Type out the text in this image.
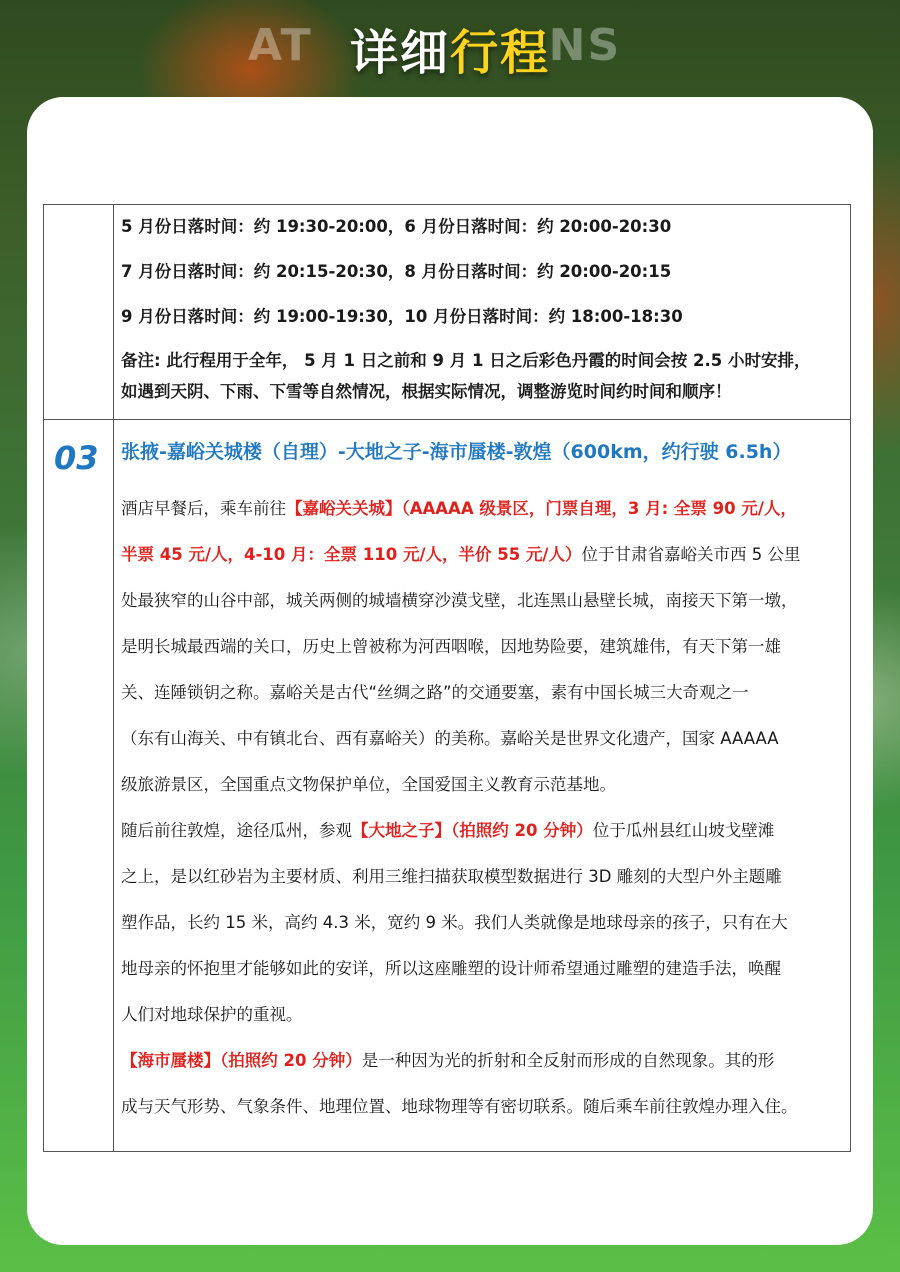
AT	NS
详细行程
5 月份日落时间：约 19:30-20:00，6 月份日落时间：约 20:00-20:30
7 月份日落时间：约 20:15-20:30，8 月份日落时间：约 20:00-20:15
9 月份日落时间：约 19:00-19:30，10 月份日落时间：约 18:00-18:30
备注: 此行程用于全年， 5 月 1 日之前和 9 月 1 日之后彩色丹霞的时间会按 2.5 小时安排，
如遇到天阴、下雨、下雪等自然情况，根据实际情况，调整游览时间约时间和顺序！
03 张掖-嘉峪关城楼（自理）-大地之子-海市蜃楼-敦煌（600km，约行驶 6.5h）
酒店早餐后，乘车前往【嘉峪关关城】（AAAAA 级景区，门票自理，3 月: 全票 90 元/人，
半票 45 元/人，4-10 月：全票 110 元/人，半价 55 元/人）位于甘肃省嘉峪关市西 5 公里
处最狭窄的山谷中部，城关两侧的城墙横穿沙漠戈壁，北连黑山悬壁长城，南接天下第一墩，
是明长城最西端的关口，历史上曾被称为河西咽喉，因地势险要，建筑雄伟，有天下第一雄
关、连陲锁钥之称。嘉峪关是古代“丝绸之路”的交通要塞，素有中国长城三大奇观之一
（东有山海关、中有镇北台、西有嘉峪关）的美称。嘉峪关是世界文化遗产，国家 AAAAA
级旅游景区，全国重点文物保护单位，全国爱国主义教育示范基地。
随后前往敦煌，途径瓜州，参观【大地之子】（拍照约 20 分钟）位于瓜州县红山坡戈壁滩
之上，是以红砂岩为主要材质、利用三维扫描获取模型数据进行 3D 雕刻的大型户外主题雕
塑作品，长约 15 米，高约 4.3 米，宽约 9 米。我们人类就像是地球母亲的孩子，只有在大
地母亲的怀抱里才能够如此的安详，所以这座雕塑的设计师希望通过雕塑的建造手法，唤醒
人们对地球保护的重视。
【海市蜃楼】（拍照约 20 分钟）是一种因为光的折射和全反射而形成的自然现象。其的形
成与天气形势、气象条件、地理位置、地球物理等有密切联系。随后乘车前往敦煌办理入住。
